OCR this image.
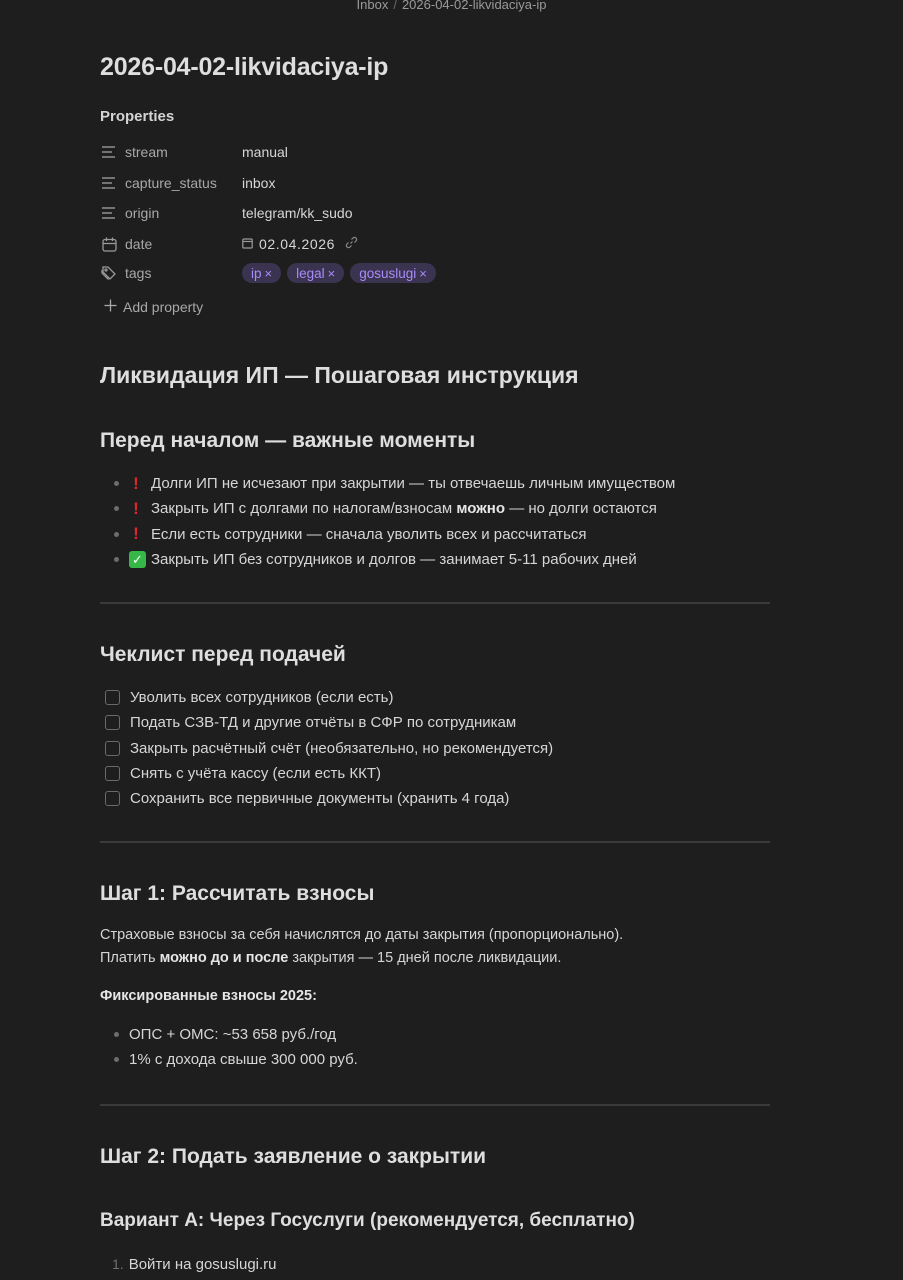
Inbox / 2026-04-02-likvidaciya-ip
2026-04-02-likvidaciya-ip
Properties
stream	manual
capture_status inbox
origin	telegram/kk_sudo
date	02.04.2026
tags	ip × legal × gosuslugi ×
Add property
Ликвидация ИП — Пошаговая инструкция
Перед началом — важные моменты
! Долги ИП не исчезают при закрытии — ты отвечаешь личным имуществом
! Закрыть ИП с долгами по налогам/взносам можно — но долги остаются
! Если есть сотрудники — сначала уволить всех и рассчитаться
✓ Закрыть ИП без сотрудников и долгов — занимает 5-11 рабочих дней
Чеклист перед подачей
Уволить всех сотрудников (если есть)
Подать СЗВ-ТД и другие отчёты в СФР по сотрудникам
Закрыть расчётный счёт (необязательно, но рекомендуется)
Снять с учёта кассу (если есть ККТ)
Сохранить все первичные документы (хранить 4 года)
Шаг 1: Рассчитать взносы
Страховые взносы за себя начислятся до даты закрытия (пропорционально).
Платить можно до и после закрытия — 15 дней после ликвидации.
Фиксированные взносы 2025:
ОПС + ОМС: ~53 658 руб./год
1% с дохода свыше 300 000 руб.
Шаг 2: Подать заявление о закрытии
Вариант А: Через Госуслуги (рекомендуется, бесплатно)
1. Войти на gosuslugi.ru
